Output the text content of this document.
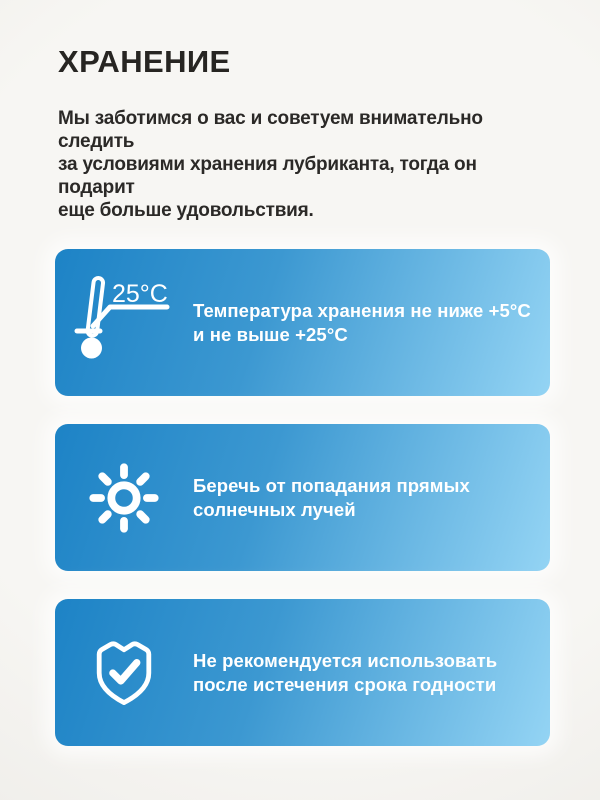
ХРАНЕНИЕ
Мы заботимся о вас и советуем внимательно следить
за условиями хранения лубриканта, тогда он подарит
еще больше удовольствия.
25°C
Температура хранения не ниже +5°С
и не выше +25°С
Беречь от попадания прямых
солнечных лучей
Не рекомендуется использовать
после истечения срока годности
